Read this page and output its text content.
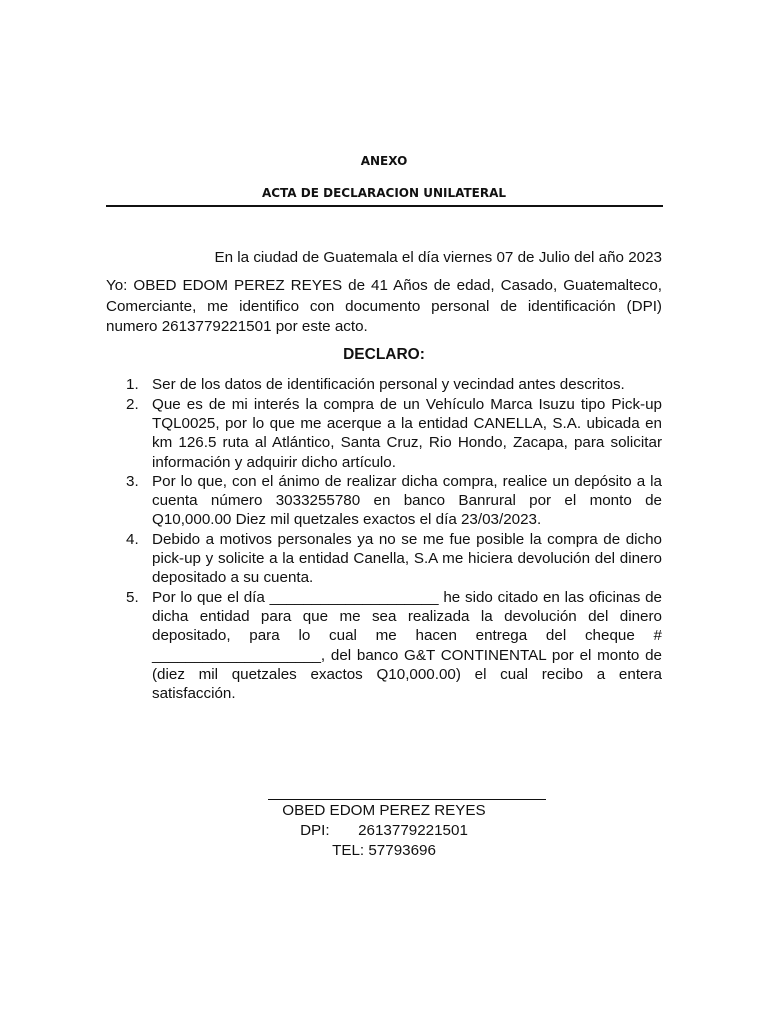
ANEXO
ACTA DE DECLARACION UNILATERAL
En la ciudad de Guatemala el día viernes 07 de Julio del año 2023
Yo: OBED EDOM PEREZ REYES de 41 Años de edad, Casado, Guatemalteco, Comerciante, me identifico con documento personal de identificación (DPI) numero 2613779221501 por este acto.
DECLARO:
1. Ser de los datos de identificación personal y vecindad antes descritos.
2. Que es de mi interés la compra de un Vehículo Marca Isuzu tipo Pick-up TQL0025, por lo que me acerque a la entidad CANELLA, S.A. ubicada en km 126.5 ruta al Atlántico, Santa Cruz, Rio Hondo, Zacapa, para solicitar información y adquirir dicho artículo.
3. Por lo que, con el ánimo de realizar dicha compra, realice un depósito a la cuenta número 3033255780 en banco Banrural por el monto de Q10,000.00 Diez mil quetzales exactos el día 23/03/2023.
4. Debido a motivos personales ya no se me fue posible la compra de dicho pick-up y solicite a la entidad Canella, S.A me hiciera devolución del dinero depositado a su cuenta.
5. Por lo que el día ____________________ he sido citado en las oficinas de dicha entidad para que me sea realizada la devolución del dinero depositado, para lo cual me hacen entrega del cheque # ____________________, del banco G&T CONTINENTAL por el monto de (diez mil quetzales exactos Q10,000.00) el cual recibo a entera satisfacción.
OBED EDOM PEREZ REYES
DPI: 2613779221501
TEL: 57793696
